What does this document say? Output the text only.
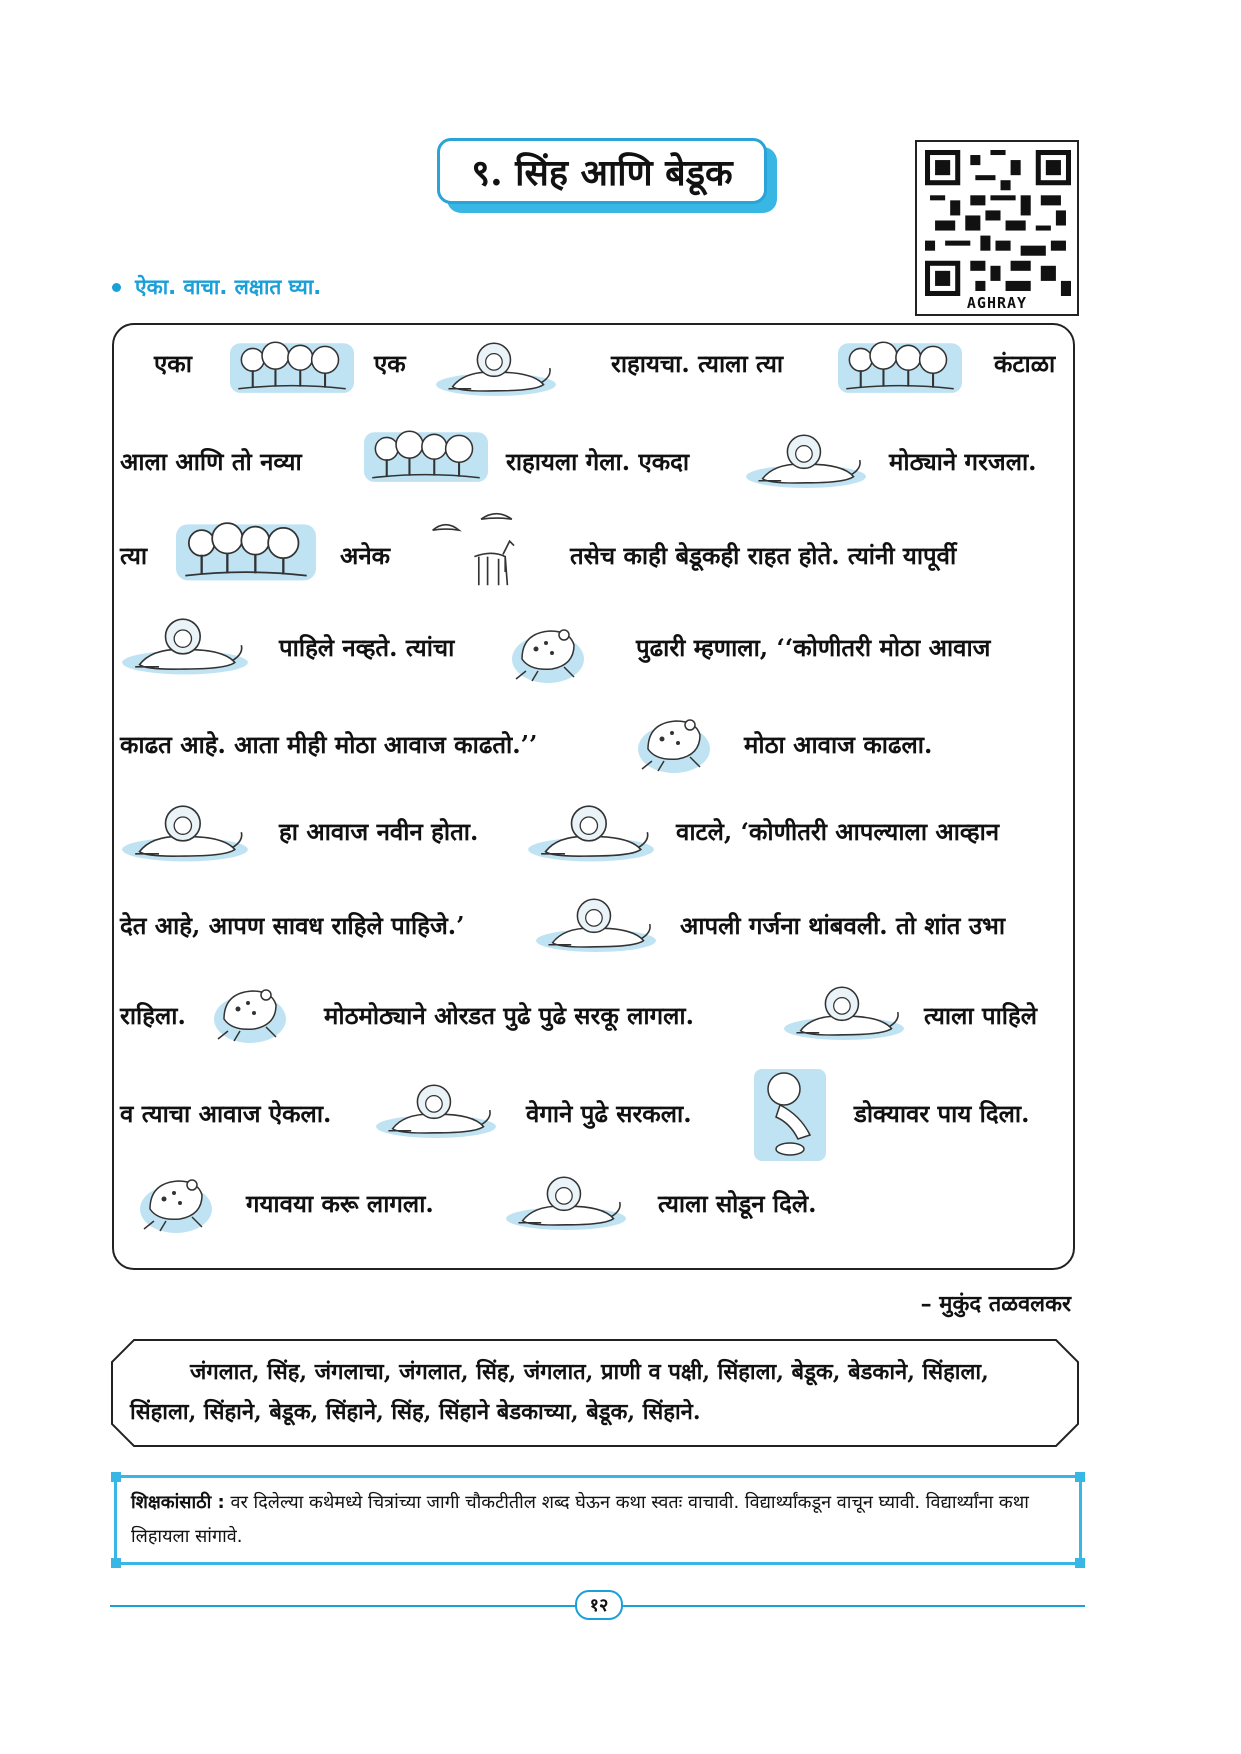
९. सिंह आणि बेडूक
AGHRAY
ऐका. वाचा. लक्षात घ्या.
एका	एक	राहायचा. त्याला त्या	कंटाळा
आला आणि तो नव्या	राहायला गेला. एकदा	मोठ्याने गरजला.
त्या	अनेक	तसेच काही बेडूकही राहत होते. त्यांनी यापूर्वी
पाहिले नव्हते. त्यांचा	पुढारी म्हणाला, ‘‘कोणीतरी मोठा आवाज
काढत आहे. आता मीही मोठा आवाज काढतो.’’	मोठा आवाज काढला.
हा आवाज नवीन होता.	वाटले, ‘कोणीतरी आपल्याला आव्हान
देत आहे, आपण सावध राहिले पाहिजे.’	आपली गर्जना थांबवली. तो शांत उभा
राहिला.	मोठमोठ्याने ओरडत पुढे पुढे सरकू लागला.	त्याला पाहिले
व त्याचा आवाज ऐकला.	वेगाने पुढे सरकला.	डोक्यावर पाय दिला.
गयावया करू लागला.	त्याला सोडून दिले.
– मुकुंद तळवलकर
जंगलात, सिंह, जंगलाचा, जंगलात, सिंह, जंगलात, प्राणी व पक्षी, सिंहाला, बेडूक, बेडकाने, सिंहाला, सिंहाला, सिंहाने, बेडूक, सिंहाने, सिंह, सिंहाने बेडकाच्या, बेडूक, सिंहाने.
शिक्षकांसाठी : वर दिलेल्या कथेमध्ये चित्रांच्या जागी चौकटीतील शब्द घेऊन कथा स्वतः वाचावी. विद्यार्थ्यांकडून वाचून घ्यावी. विद्यार्थ्यांना कथा लिहायला सांगावे.
१२
